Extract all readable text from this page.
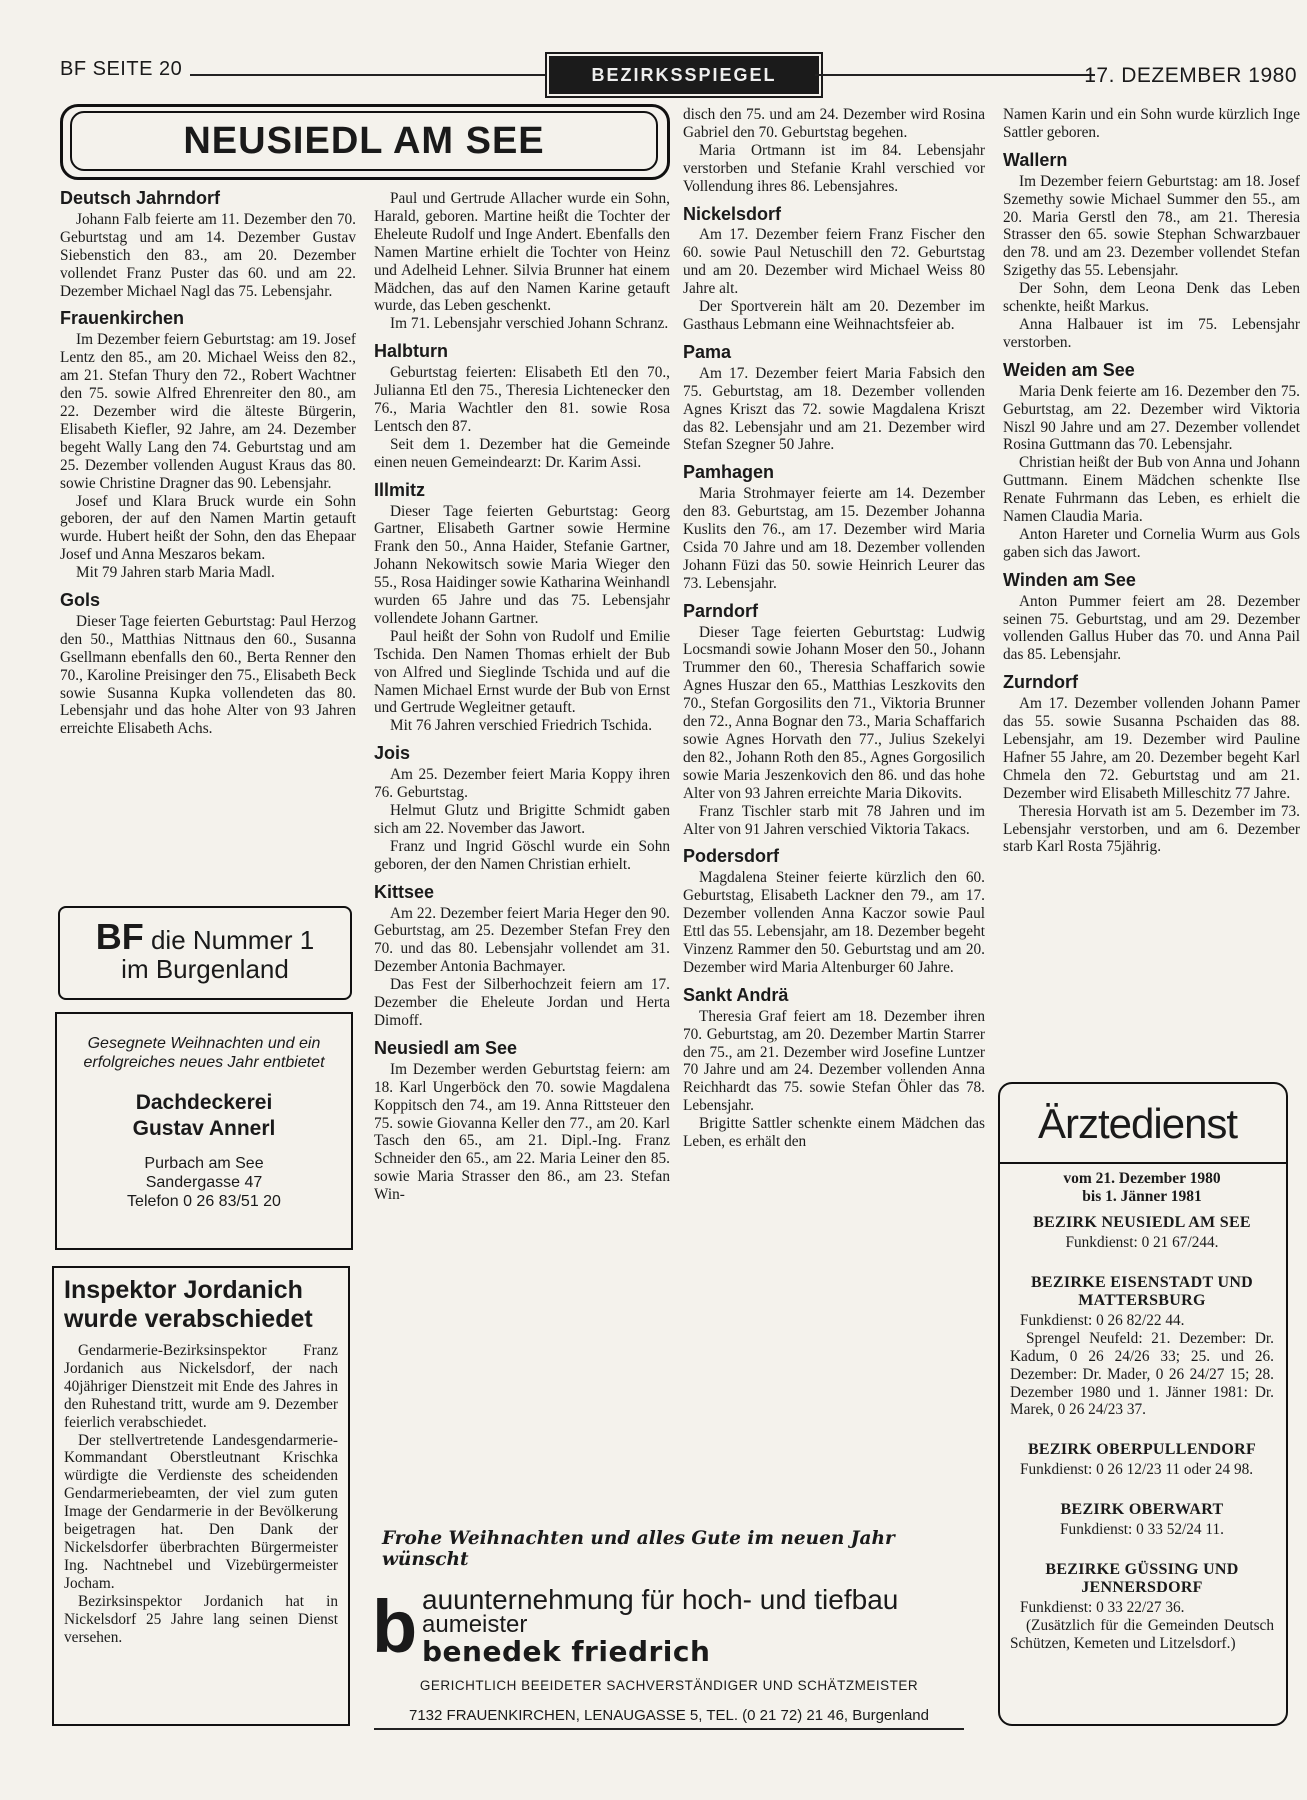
BF SEITE 20	BEZIRKSSPIEGEL	17. DEZEMBER 1980
NEUSIEDL AM SEE
Deutsch Jahrndorf

Johann Falb feierte am 11. Dezember den 70. Geburtstag und am 14. Dezember Gustav Siebenstich den 83., am 20. Dezember vollendet Franz Puster das 60. und am 22. Dezember Michael Nagl das 75. Lebensjahr.

Frauenkirchen

Im Dezember feiern Geburtstag: am 19. Josef Lentz den 85., am 20. Michael Weiss den 82., am 21. Stefan Thury den 72., Robert Wachtner den 75. sowie Alfred Ehrenreiter den 80., am 22. Dezember wird die älteste Bürgerin, Elisabeth Kiefler, 92 Jahre, am 24. Dezember begeht Wally Lang den 74. Geburtstag und am 25. Dezember vollenden August Kraus das 80. sowie Christine Dragner das 90. Lebensjahr.

Josef und Klara Bruck wurde ein Sohn geboren, der auf den Namen Martin getauft wurde. Hubert heißt der Sohn, den das Ehepaar Josef und Anna Meszaros bekam.

Mit 79 Jahren starb Maria Madl.

Gols

Dieser Tage feierten Geburtstag: Paul Herzog den 50., Matthias Nittnaus den 60., Susanna Gsellmann ebenfalls den 60., Berta Renner den 70., Karoline Preisinger den 75., Elisabeth Beck sowie Susanna Kupka vollendeten das 80. Lebensjahr und das hohe Alter von 93 Jahren erreichte Elisabeth Achs.

BF die Nummer 1
im Burgenland
Gesegnete Weihnachten und ein erfolgreiches neues Jahr entbietet
Dachdeckerei
Gustav Annerl
Purbach am See
Sandergasse 47
Telefon 0 26 83/51 20
Inspektor Jordanich wurde verabschiedet

Gendarmerie-Bezirksinspektor Franz Jordanich aus Nickelsdorf, der nach 40jähriger Dienstzeit mit Ende des Jahres in den Ruhestand tritt, wurde am 9. Dezember feierlich verabschiedet.

Der stellvertretende Landesgendarmerie-Kommandant Oberstleutnant Krischka würdigte die Verdienste des scheidenden Gendarmeriebeamten, der viel zum guten Image der Gendarmerie in der Bevölkerung beigetragen hat. Den Dank der Nickelsdorfer überbrachten Bürgermeister Ing. Nachtnebel und Vizebürgermeister Jocham.

Bezirksinspektor Jordanich hat in Nickelsdorf 25 Jahre lang seinen Dienst versehen.

Paul und Gertrude Allacher wurde ein Sohn, Harald, geboren. Martine heißt die Tochter der Eheleute Rudolf und Inge Andert. Ebenfalls den Namen Martine erhielt die Tochter von Heinz und Adelheid Lehner. Silvia Brunner hat einem Mädchen, das auf den Namen Karine getauft wurde, das Leben geschenkt.

Im 71. Lebensjahr verschied Johann Schranz.

Halbturn

Geburtstag feierten: Elisabeth Etl den 70., Julianna Etl den 75., Theresia Lichtenecker den 76., Maria Wachtler den 81. sowie Rosa Lentsch den 87.

Seit dem 1. Dezember hat die Gemeinde einen neuen Gemeindearzt: Dr. Karim Assi.

Illmitz

Dieser Tage feierten Geburtstag: Georg Gartner, Elisabeth Gartner sowie Hermine Frank den 50., Anna Haider, Stefanie Gartner, Johann Nekowitsch sowie Maria Wieger den 55., Rosa Haidinger sowie Katharina Weinhandl wurden 65 Jahre und das 75. Lebensjahr vollendete Johann Gartner.

Paul heißt der Sohn von Rudolf und Emilie Tschida. Den Namen Thomas erhielt der Bub von Alfred und Sieglinde Tschida und auf die Namen Michael Ernst wurde der Bub von Ernst und Gertrude Wegleitner getauft.

Mit 76 Jahren verschied Friedrich Tschida.

Jois

Am 25. Dezember feiert Maria Koppy ihren 76. Geburtstag.

Helmut Glutz und Brigitte Schmidt gaben sich am 22. November das Jawort.

Franz und Ingrid Göschl wurde ein Sohn geboren, der den Namen Christian erhielt.

Kittsee

Am 22. Dezember feiert Maria Heger den 90. Geburtstag, am 25. Dezember Stefan Frey den 70. und das 80. Lebensjahr vollendet am 31. Dezember Antonia Bachmayer.

Das Fest der Silberhochzeit feiern am 17. Dezember die Eheleute Jordan und Herta Dimoff.

Neusiedl am See

Im Dezember werden Geburtstag feiern: am 18. Karl Ungerböck den 70. sowie Magdalena Koppitsch den 74., am 19. Anna Rittsteuer den 75. sowie Giovanna Keller den 77., am 20. Karl Tasch den 65., am 21. Dipl.-Ing. Franz Schneider den 65., am 22. Maria Leiner den 85. sowie Maria Strasser den 86., am 23. Stefan Win-

disch den 75. und am 24. Dezember wird Rosina Gabriel den 70. Geburtstag begehen.

Maria Ortmann ist im 84. Lebensjahr verstorben und Stefanie Krahl verschied vor Vollendung ihres 86. Lebensjahres.

Nickelsdorf

Am 17. Dezember feiern Franz Fischer den 60. sowie Paul Netuschill den 72. Geburtstag und am 20. Dezember wird Michael Weiss 80 Jahre alt.

Der Sportverein hält am 20. Dezember im Gasthaus Lebmann eine Weihnachtsfeier ab.

Pama

Am 17. Dezember feiert Maria Fabsich den 75. Geburtstag, am 18. Dezember vollenden Agnes Kriszt das 72. sowie Magdalena Kriszt das 82. Lebensjahr und am 21. Dezember wird Stefan Szegner 50 Jahre.

Pamhagen

Maria Strohmayer feierte am 14. Dezember den 83. Geburtstag, am 15. Dezember Johanna Kuslits den 76., am 17. Dezember wird Maria Csida 70 Jahre und am 18. Dezember vollenden Johann Füzi das 50. sowie Heinrich Leurer das 73. Lebensjahr.

Parndorf

Dieser Tage feierten Geburtstag: Ludwig Locsmandi sowie Johann Moser den 50., Johann Trummer den 60., Theresia Schaffarich sowie Agnes Huszar den 65., Matthias Leszkovits den 70., Stefan Gorgosilits den 71., Viktoria Brunner den 72., Anna Bognar den 73., Maria Schaffarich sowie Agnes Horvath den 77., Julius Szekelyi den 82., Johann Roth den 85., Agnes Gorgosilich sowie Maria Jeszenkovich den 86. und das hohe Alter von 93 Jahren erreichte Maria Dikovits.

Franz Tischler starb mit 78 Jahren und im Alter von 91 Jahren verschied Viktoria Takacs.

Podersdorf

Magdalena Steiner feierte kürzlich den 60. Geburtstag, Elisabeth Lackner den 79., am 17. Dezember vollenden Anna Kaczor sowie Paul Ettl das 55. Lebensjahr, am 18. Dezember begeht Vinzenz Rammer den 50. Geburtstag und am 20. Dezember wird Maria Altenburger 60 Jahre.

Sankt Andrä

Theresia Graf feiert am 18. Dezember ihren 70. Geburtstag, am 20. Dezember Martin Starrer den 75., am 21. Dezember wird Josefine Luntzer 70 Jahre und am 24. Dezember vollenden Anna Reichhardt das 75. sowie Stefan Öhler das 78. Lebensjahr.

Brigitte Sattler schenkte einem Mädchen das Leben, es erhält den

Namen Karin und ein Sohn wurde kürzlich Inge Sattler geboren.

Wallern

Im Dezember feiern Geburtstag: am 18. Josef Szemethy sowie Michael Summer den 55., am 20. Maria Gerstl den 78., am 21. Theresia Strasser den 65. sowie Stephan Schwarzbauer den 78. und am 23. Dezember vollendet Stefan Szigethy das 55. Lebensjahr.

Der Sohn, dem Leona Denk das Leben schenkte, heißt Markus.

Anna Halbauer ist im 75. Lebensjahr verstorben.

Weiden am See

Maria Denk feierte am 16. Dezember den 75. Geburtstag, am 22. Dezember wird Viktoria Niszl 90 Jahre und am 27. Dezember vollendet Rosina Guttmann das 70. Lebensjahr.

Christian heißt der Bub von Anna und Johann Guttmann. Einem Mädchen schenkte Ilse Renate Fuhrmann das Leben, es erhielt die Namen Claudia Maria.

Anton Hareter und Cornelia Wurm aus Gols gaben sich das Jawort.

Winden am See

Anton Pummer feiert am 28. Dezember seinen 75. Geburtstag, und am 29. Dezember vollenden Gallus Huber das 70. und Anna Pail das 85. Lebensjahr.

Zurndorf

Am 17. Dezember vollenden Johann Pamer das 55. sowie Susanna Pschaiden das 88. Lebensjahr, am 19. Dezember wird Pauline Hafner 55 Jahre, am 20. Dezember begeht Karl Chmela den 72. Geburtstag und am 21. Dezember wird Elisabeth Milleschitz 77 Jahre.

Theresia Horvath ist am 5. Dezember im 73. Lebensjahr verstorben, und am 6. Dezember starb Karl Rosta 75jährig.

Ärztedienst
vom 21. Dezember 1980
bis 1. Jänner 1981
BEZIRK NEUSIEDL AM SEE
Funkdienst: 0 21 67/244.
BEZIRKE EISENSTADT UND MATTERSBURG
Funkdienst: 0 26 82/22 44.
Sprengel Neufeld: 21. Dezember: Dr. Kadum, 0 26 24/26 33; 25. und 26. Dezember: Dr. Mader, 0 26 24/27 15; 28. Dezember 1980 und 1. Jänner 1981: Dr. Marek, 0 26 24/23 37.
BEZIRK OBERPULLENDORF
Funkdienst: 0 26 12/23 11 oder 24 98.
BEZIRK OBERWART
Funkdienst: 0 33 52/24 11.
BEZIRKE GÜSSING UND JENNERSDORF
Funkdienst: 0 33 22/27 36.
(Zusätzlich für die Gemeinden Deutsch Schützen, Kemeten und Litzelsdorf.)
Frohe Weihnachten und alles Gute im neuen Jahr wünscht
b auunternehmung für hoch- und tiefbau
aumeister
benedek friedrich
GERICHTLICH BEEIDETER SACHVERSTÄNDIGER UND SCHÄTZMEISTER
7132 FRAUENKIRCHEN, LENAUGASSE 5, TEL. (0 21 72) 21 46, Burgenland
